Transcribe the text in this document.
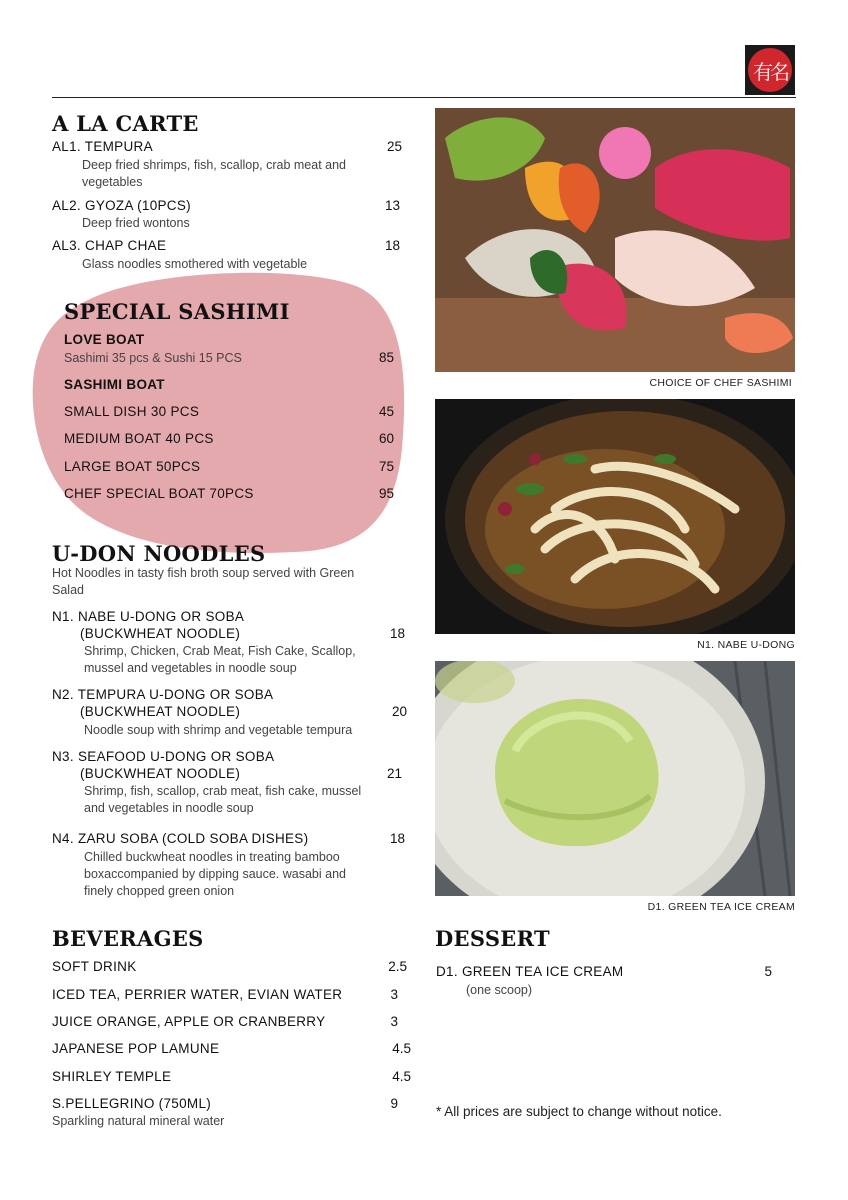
有名
A LA CARTE
AL1. TEMPURA	25
Deep fried shrimps, fish, scallop, crab meat and
vegetables
AL2. GYOZA (10PCS)	13
Deep fried wontons
AL3. CHAP CHAE	18
Glass noodles smothered with vegetable
SPECIAL SASHIMI
LOVE BOAT
Sashimi 35 pcs & Sushi 15 PCS	85
SASHIMI BOAT
SMALL DISH 30 PCS	45
MEDIUM BOAT 40 PCS	60
LARGE BOAT 50PCS	75
CHEF SPECIAL BOAT 70PCS	95
U-DON NOODLES
Hot Noodles in tasty fish broth soup served with Green
Salad
N1. NABE U-DONG OR SOBA
(BUCKWHEAT NOODLE)	18
Shrimp, Chicken, Crab Meat, Fish Cake, Scallop,
mussel and vegetables in noodle soup
N2. TEMPURA U-DONG OR SOBA
(BUCKWHEAT NOODLE)	20
Noodle soup with shrimp and vegetable tempura
N3. SEAFOOD U-DONG OR SOBA
(BUCKWHEAT NOODLE)	21
Shrimp, fish, scallop, crab meat, fish cake, mussel
and vegetables in noodle soup
N4. ZARU SOBA (COLD SOBA DISHES)	18
Chilled buckwheat noodles in treating bamboo
boxaccompanied by dipping sauce. wasabi and
finely chopped green onion
BEVERAGES
SOFT DRINK	2.5
ICED TEA, PERRIER WATER, EVIAN WATER	3
JUICE ORANGE, APPLE OR CRANBERRY	3
JAPANESE POP LAMUNE	4.5
SHIRLEY TEMPLE	4.5
S.PELLEGRINO (750ML)	9
Sparkling natural mineral water
DESSERT
D1. GREEN TEA ICE CREAM	5
(one scoop)
* All prices are subject to change without notice.
CHOICE OF CHEF SASHIMI
N1. NABE U-DONG
D1. GREEN TEA ICE CREAM
